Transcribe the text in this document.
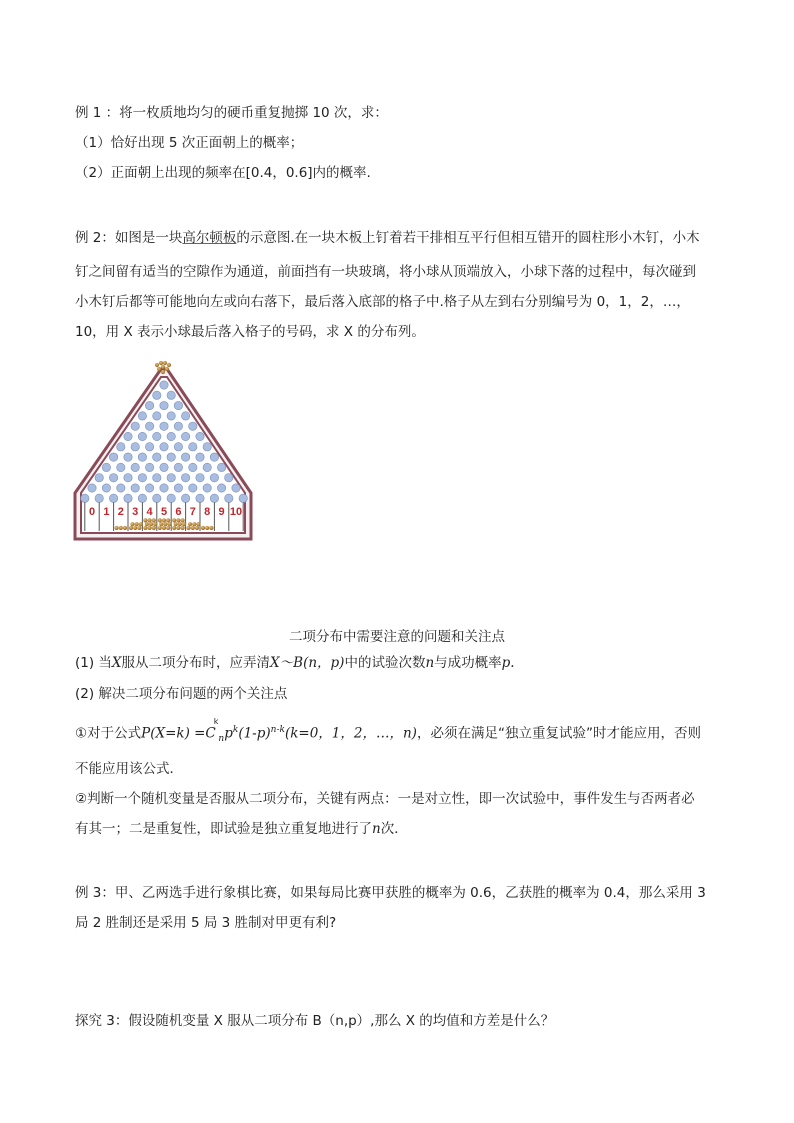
例 1 ：将一枚质地均匀的硬币重复抛掷 10 次，求：
（1）恰好出现 5 次正面朝上的概率；
（2）正面朝上出现的频率在[0.4，0.6]内的概率.
例 2：如图是一块高尔顿板的示意图.在一块木板上钉着若干排相互平行但相互错开的圆柱形小木钉，小木
钉之间留有适当的空隙作为通道，前面挡有一块玻璃，将小球从顶端放入，小球下落的过程中，每次碰到
小木钉后都等可能地向左或向右落下，最后落入底部的格子中.格子从左到右分别编号为 0，1，2，…，
10，用 X 表示小球最后落入格子的号码，求 X 的分布列。
0 1 2 3 4 5 6 7 8 9 10
二项分布中需要注意的问题和关注点
(1) 当X服从二项分布时，应弄清X～B(n，p)中的试验次数n与成功概率p.
(2) 解决二项分布问题的两个关注点
①对于公式$P(X=k) =C^k_np^k(1-p)^{n-k}(k=0$，1，2，…，n)，必须在满足“独立重复试验”时才能应用，否则
不能应用该公式．
②判断一个随机变量是否服从二项分布，关键有两点：一是对立性，即一次试验中，事件发生与否两者必
有其一；二是重复性，即试验是独立重复地进行了n次．
例 3：甲、乙两选手进行象棋比赛，如果每局比赛甲获胜的概率为 0.6，乙获胜的概率为 0.4，那么采用 3
局 2 胜制还是采用 5 局 3 胜制对甲更有利?
探究 3：假设随机变量 X 服从二项分布 B（n,p）,那么 X 的均值和方差是什么？
